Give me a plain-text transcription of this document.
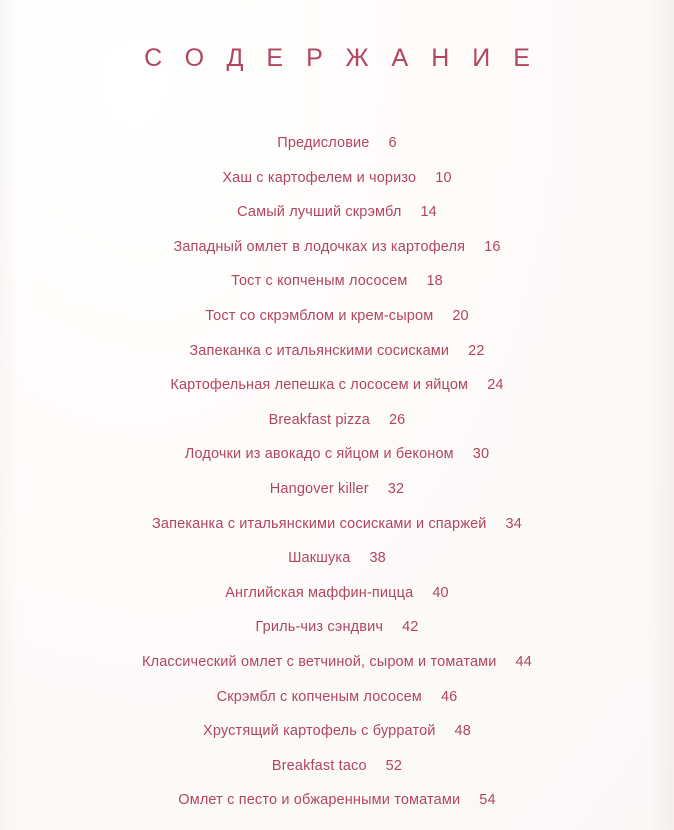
СОДЕРЖАНИЕ
Предисловие 6
Хаш с картофелем и чоризо 10
Самый лучший скрэмбл 14
Западный омлет в лодочках из картофеля 16
Тост с копченым лососем 18
Тост со скрэмблом и крем-сыром 20
Запеканка с итальянскими сосисками 22
Картофельная лепешка с лососем и яйцом 24
Breakfast pizza 26
Лодочки из авокадо с яйцом и беконом 30
Hangover killer 32
Запеканка с итальянскими сосисками и спаржей 34
Шакшука 38
Английская маффин-пицца 40
Гриль-чиз сэндвич 42
Классический омлет с ветчиной, сыром и томатами 44
Скрэмбл с копченым лососем 46
Хрустящий картофель с бурратой 48
Breakfast taco 52
Омлет с песто и обжаренными томатами 54
